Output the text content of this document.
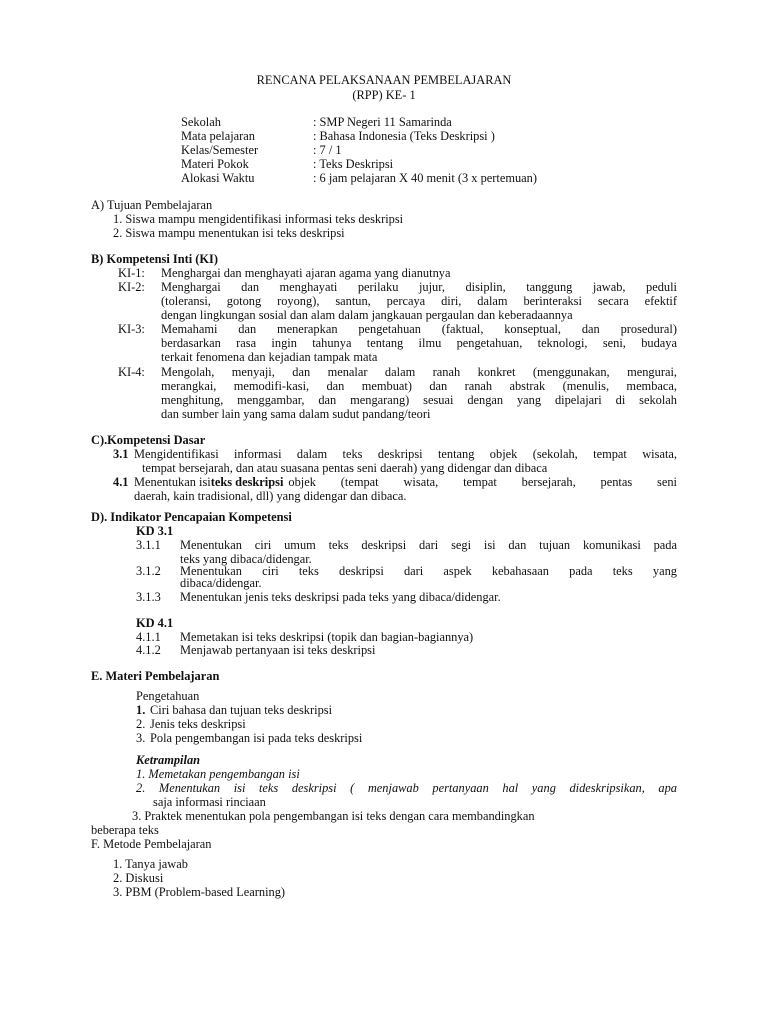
RENCANA PELAKSANAAN PEMBELAJARAN
(RPP) KE- 1
Sekolah	: SMP Negeri 11 Samarinda
Mata pelajaran	: Bahasa Indonesia (Teks Deskripsi )
Kelas/Semester	: 7 / 1
Materi Pokok	: Teks Deskripsi
Alokasi Waktu	: 6 jam pelajaran X 40 menit (3 x pertemuan)
A) Tujuan Pembelajaran
1. Siswa mampu mengidentifikasi informasi teks deskripsi
2. Siswa mampu menentukan isi teks deskripsi
B) Kompetensi Inti (KI)
KI-1: Menghargai dan menghayati ajaran agama yang dianutnya
KI-2: Menghargai dan menghayati perilaku jujur, disiplin, tanggung jawab, peduli
(toleransi, gotong royong), santun, percaya diri, dalam berinteraksi secara efektif
dengan lingkungan sosial dan alam dalam jangkauan pergaulan dan keberadaannya
KI-3: Memahami dan menerapkan pengetahuan (faktual, konseptual, dan prosedural)
berdasarkan rasa ingin tahunya tentang ilmu pengetahuan, teknologi, seni, budaya
terkait fenomena dan kejadian tampak mata
KI-4: Mengolah, menyaji, dan menalar dalam ranah konkret (menggunakan, mengurai,
merangkai, memodifi-kasi, dan membuat) dan ranah abstrak (menulis, membaca,
menghitung, menggambar, dan mengarang) sesuai dengan yang dipelajari di sekolah
dan sumber lain yang sama dalam sudut pandang/teori
C).Kompetensi Dasar
3.1 Mengidentifikasi informasi dalam teks deskripsi tentang objek (sekolah, tempat wisata,
tempat bersejarah, dan atau suasana pentas seni daerah) yang didengar dan dibaca
4.1 Menentukan isi teks deskripsi objek (tempat wisata, tempat bersejarah, pentas seni
daerah, kain tradisional, dll) yang didengar dan dibaca.
D). Indikator Pencapaian Kompetensi
KD 3.1
3.1.1 Menentukan ciri umum teks deskripsi dari segi isi dan tujuan komunikasi pada
teks yang dibaca/didengar.
3.1.2 Menentukan ciri teks deskripsi dari aspek kebahasaan pada teks yang
dibaca/didengar.
3.1.3 Menentukan jenis teks deskripsi pada teks yang dibaca/didengar.
KD 4.1
4.1.1 Memetakan isi teks deskripsi (topik dan bagian-bagiannya)
4.1.2 Menjawab pertanyaan isi teks deskripsi
E. Materi Pembelajaran
Pengetahuan
1. Ciri bahasa dan tujuan teks deskripsi
2. Jenis teks deskripsi
3. Pola pengembangan isi pada teks deskripsi
Ketrampilan
1. Memetakan pengembangan isi
2. Menentukan isi teks deskripsi ( menjawab pertanyaan hal yang dideskripsikan, apa
saja informasi rinciaan
3. Praktek menentukan pola pengembangan isi teks dengan cara membandingkan
beberapa teks
F. Metode Pembelajaran
1. Tanya jawab
2. Diskusi
3. PBM (Problem-based Learning)
